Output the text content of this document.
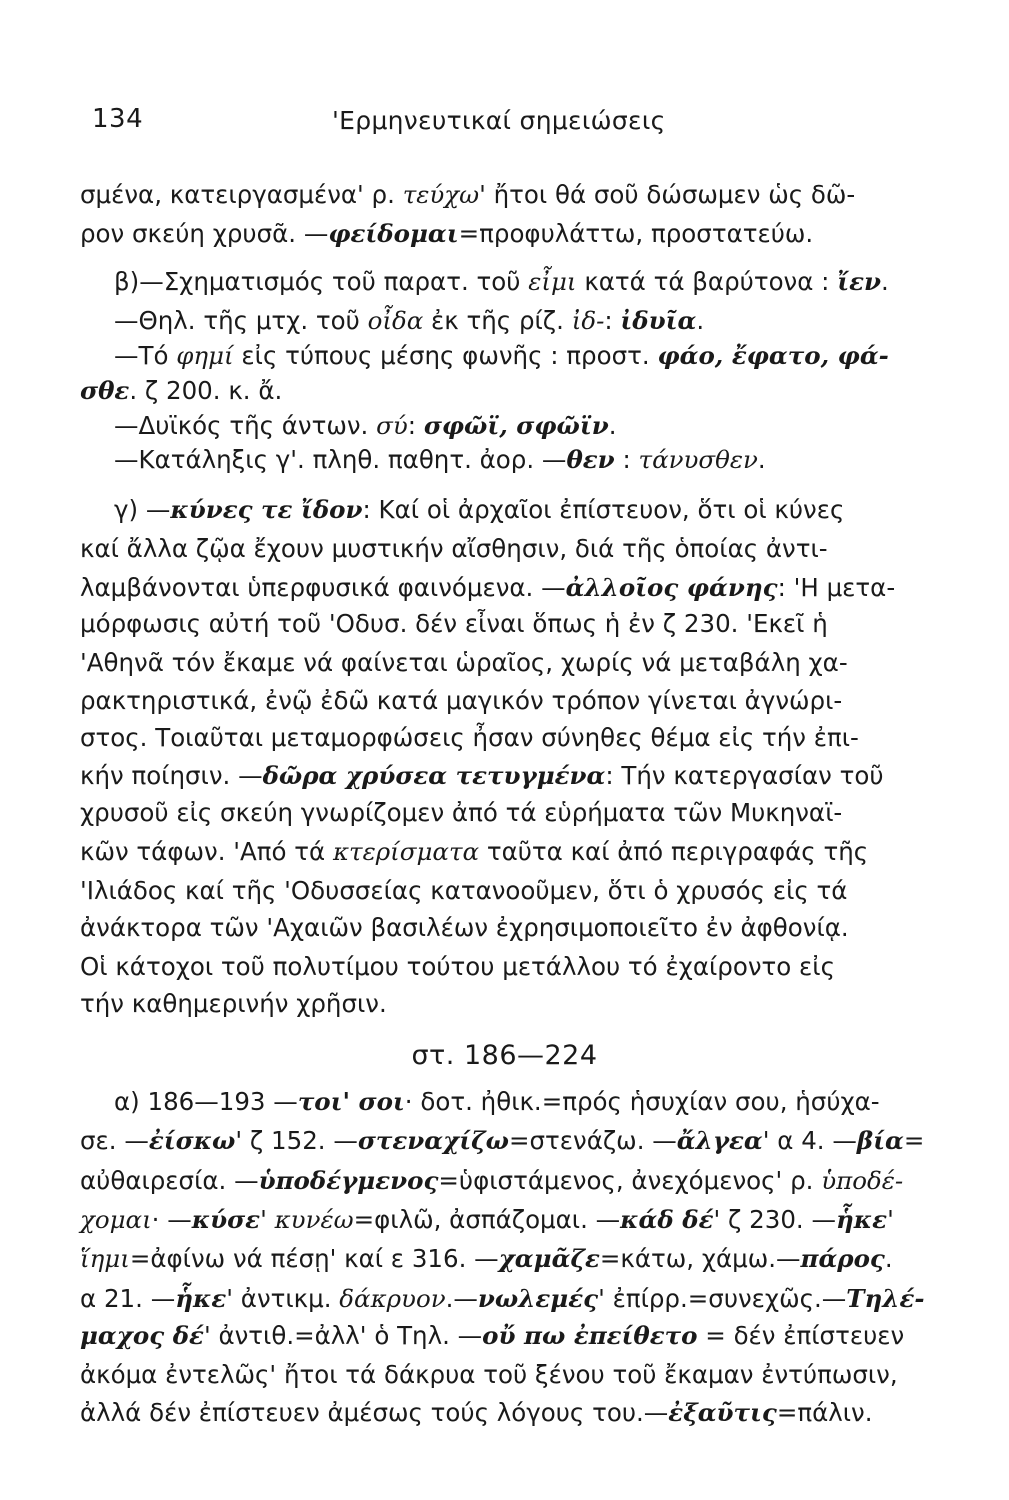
134	'Ερμηνευτικαί σημειώσεις
σμένα, κατειργασμένα' ρ. τεύχω' ἤτοι θά σοῦ δώσωμεν ὡς δῶ-
ρον σκεύη χρυσᾶ. —φείδομαι=προφυλάττω, προστατεύω.
β)—Σχηματισμός τοῦ παρατ. τοῦ εἶμι κατά τά βαρύτονα : ἴεν.
—Θηλ. τῆς μτχ. τοῦ οἶδα ἐκ τῆς ρίζ. ἰδ-: ἰδυῖα.
—Τό φημί εἰς τύπους μέσης φωνῆς : προστ. φάο, ἔφατο, φά-
σθε. ζ 200. κ. ἄ.
—Δυϊκός τῆς άντων. σύ: σφῶϊ, σφῶϊν.
—Κατάληξις γ'. πληθ. παθητ. ἀορ. —θεν : τάνυσθεν.
γ) —κύνες τε ἴδον: Καί οἱ ἀρχαῖοι ἐπίστευον, ὅτι οἱ κύνες
καί ἄλλα ζῷα ἔχουν μυστικήν αἴσθησιν, διά τῆς ὁποίας ἀντι-
λαμβάνονται ὑπερφυσικά φαινόμενα. —ἀλλοῖος φάνης: 'Η μετα-
μόρφωσις αὐτή τοῦ 'Οδυσ. δέν εἶναι ὅπως ἡ ἐν ζ 230. 'Εκεῖ ἡ
'Αθηνᾶ τόν ἔκαμε νά φαίνεται ὡραῖος, χωρίς νά μεταβάλη χα-
ρακτηριστικά, ἐνῷ ἐδῶ κατά μαγικόν τρόπον γίνεται ἀγνώρι-
στος. Τοιαῦται μεταμορφώσεις ἦσαν σύνηθες θέμα εἰς τήν ἐπι-
κήν ποίησιν. —δῶρα χρύσεα τετυγμένα: Τήν κατεργασίαν τοῦ
χρυσοῦ εἰς σκεύη γνωρίζομεν ἀπό τά εὑρήματα τῶν Μυκηναϊ-
κῶν τάφων. 'Από τά κτερίσματα ταῦτα καί ἀπό περιγραφάς τῆς
'Ιλιάδος καί τῆς 'Οδυσσείας κατανοοῦμεν, ὅτι ὁ χρυσός εἰς τά
ἀνάκτορα τῶν 'Αχαιῶν βασιλέων ἐχρησιμοποιεῖτο ἐν ἀφθονίᾳ.
Οἱ κάτοχοι τοῦ πολυτίμου τούτου μετάλλου τό ἐχαίροντο εἰς
τήν καθημερινήν χρῆσιν.
στ. 186—224
α) 186—193 —τοι' σοι· δοτ. ἠθικ.=πρός ἡσυχίαν σου, ἡσύχα-
σε. —ἐίσκω' ζ 152. —στεναχίζω=στενάζω. —ἄλγεα' α 4. —βία=
αὐθαιρεσία. —ὑποδέγμενος=ὑφιστάμενος, ἀνεχόμενος' ρ. ὑποδέ-
χομαι· —κύσε' κυνέω=φιλῶ, ἀσπάζομαι. —κάδ δέ' ζ 230. —ἧκε'
ἵημι=ἀφίνω νά πέσῃ' καί ε 316. —χαμᾶζε=κάτω, χάμω.—πάρος.
α 21. —ἧκε' ἀντικμ. δάκρυον.—νωλεμές' ἐπίρρ.=συνεχῶς.—Τηλέ-
μαχος δέ' ἀντιθ.=ἀλλ' ὁ Τηλ. —οὔ πω ἐπείθετο = δέν ἐπίστευεν
ἀκόμα ἐντελῶς' ἤτοι τά δάκρυα τοῦ ξένου τοῦ ἔκαμαν ἐντύπωσιν,
ἀλλά δέν ἐπίστευεν ἀμέσως τούς λόγους του.—ἐξαῦτις=πάλιν.
